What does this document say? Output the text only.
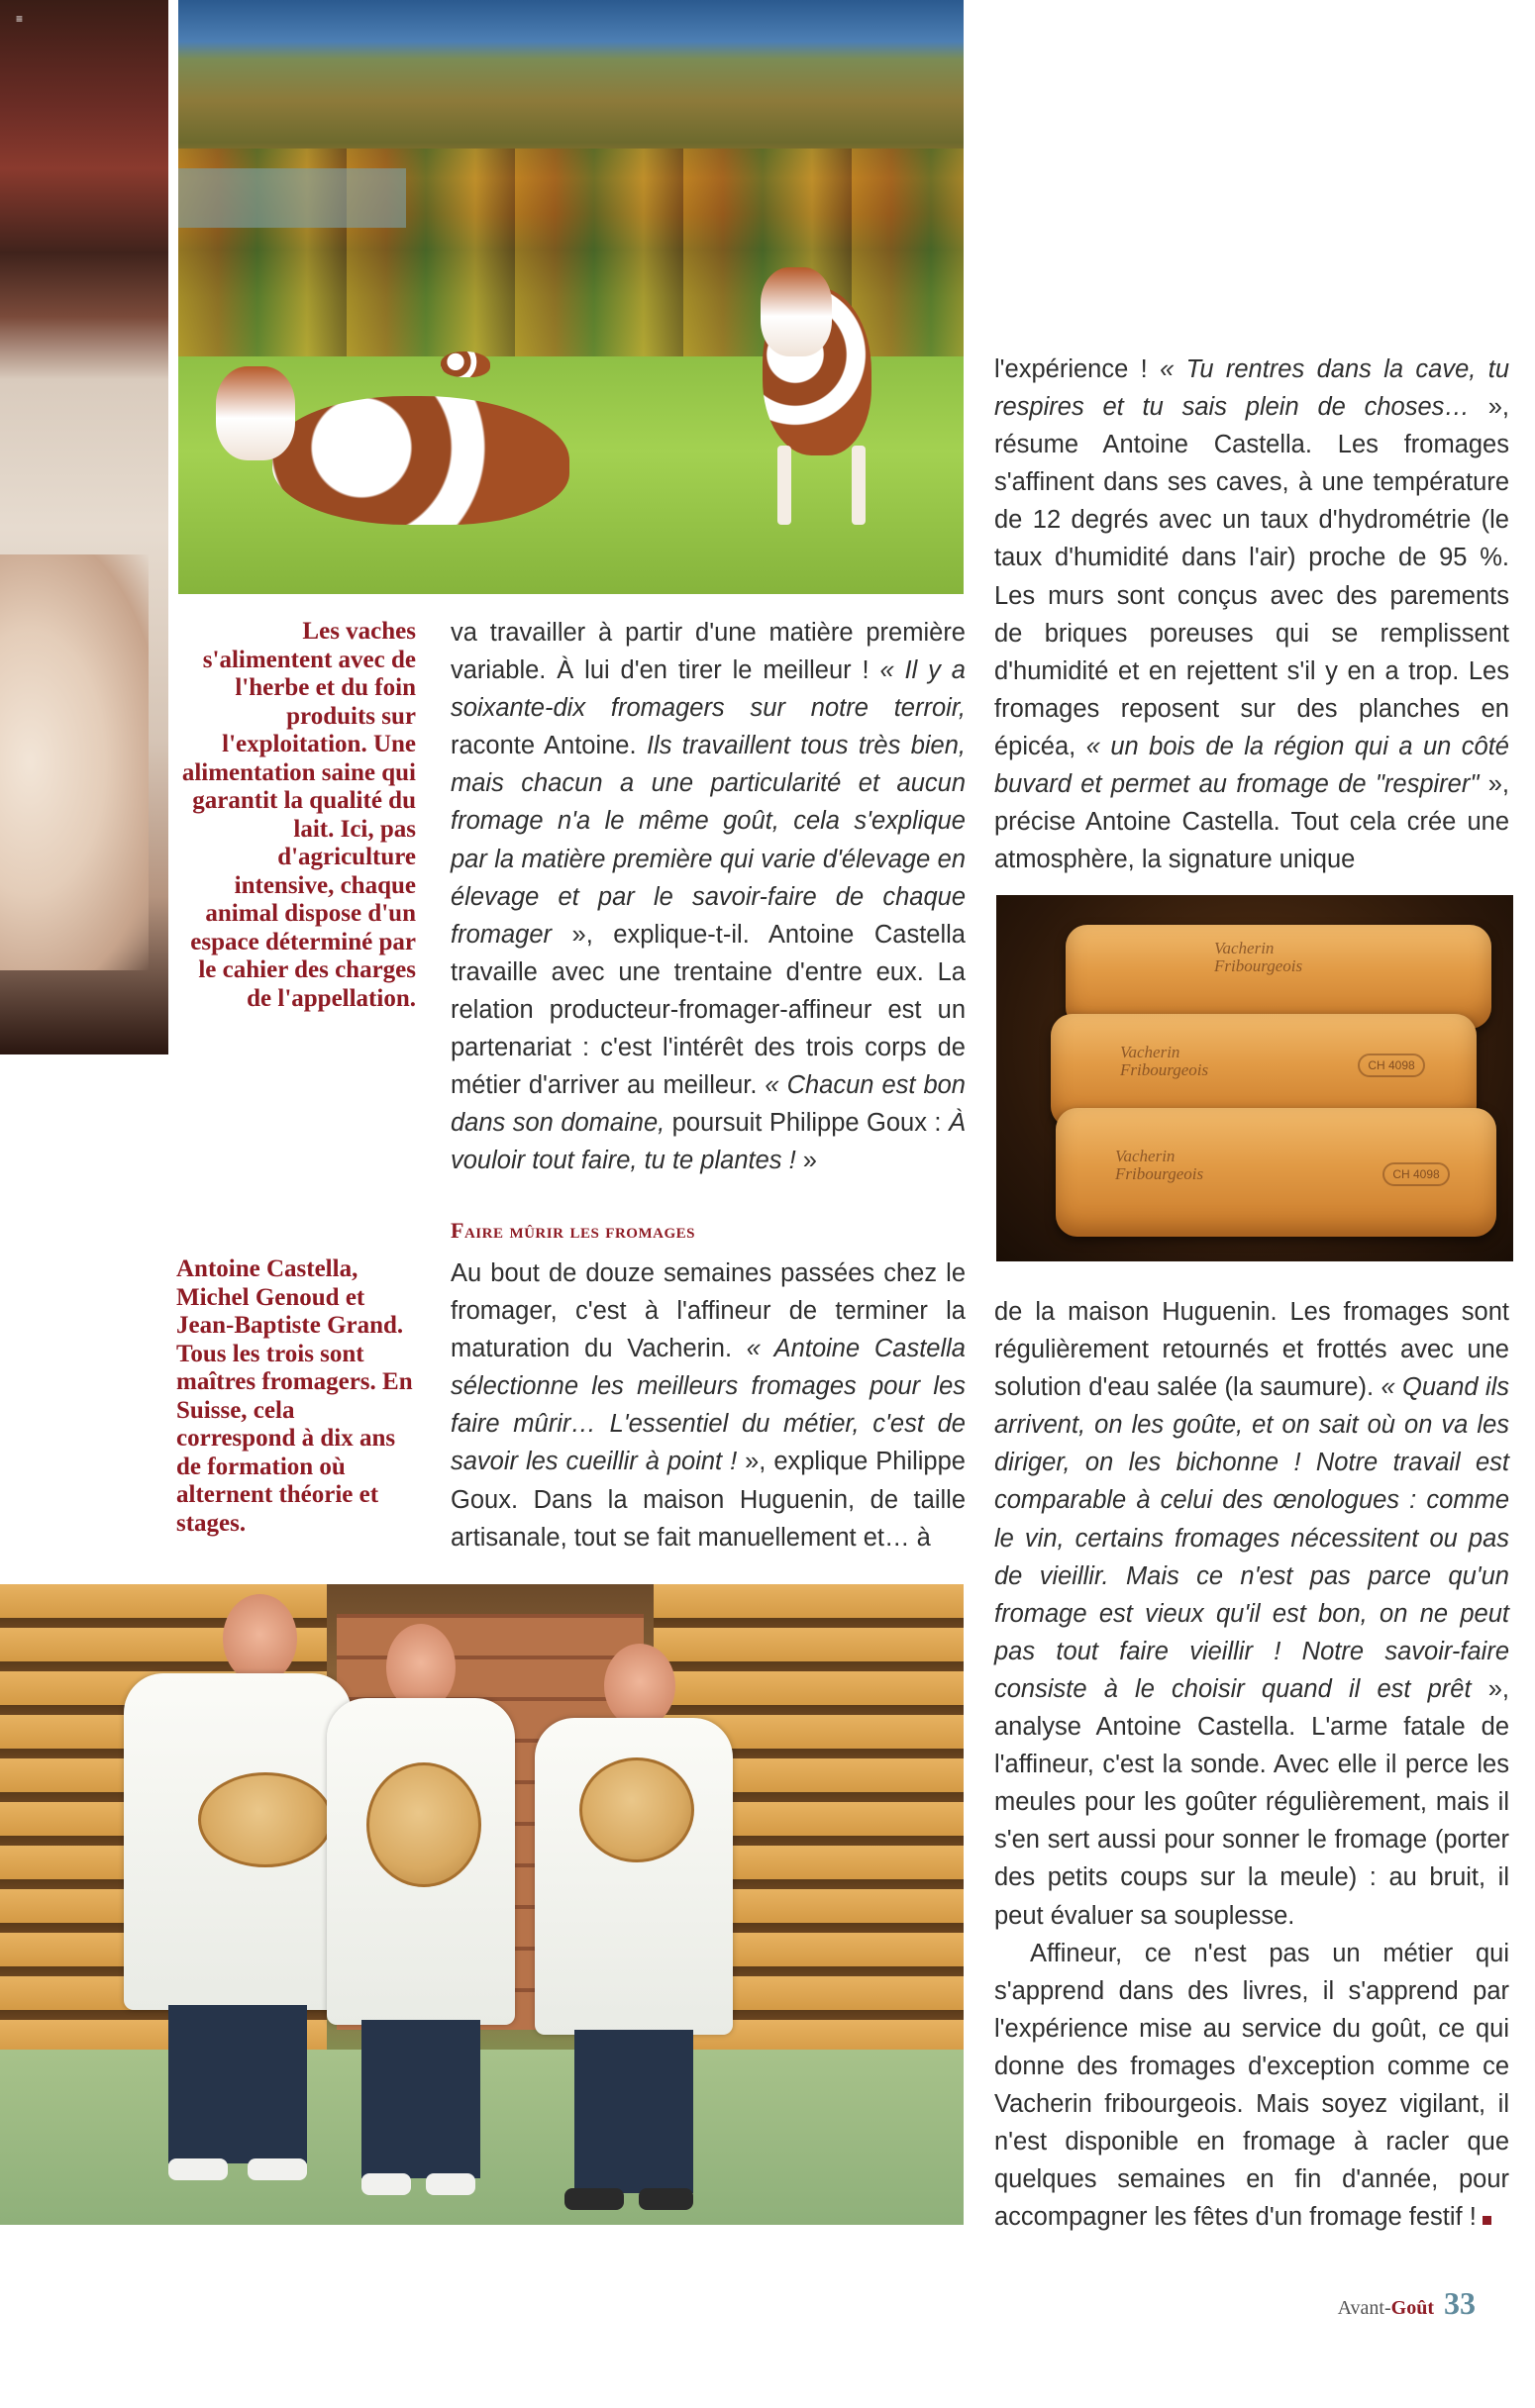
≡
Les vaches s'alimentent avec de l'herbe et du foin produits sur l'exploitation. Une alimentation saine qui garantit la qualité du lait. Ici, pas d'agriculture intensive, chaque animal dispose d'un espace déterminé par le cahier des charges de l'appellation.

va travailler à partir d'une matière première variable. À lui d'en tirer le meilleur ! « Il y a soixante-dix fromagers sur notre terroir, raconte Antoine. Ils travaillent tous très bien, mais chacun a une particularité et aucun fromage n'a le même goût, cela s'explique par la matière première qui varie d'élevage en élevage et par le savoir-faire de chaque fromager », explique-t-il. Antoine Castella travaille avec une trentaine d'entre eux. La relation producteur-fromager-affineur est un partenariat : c'est l'intérêt des trois corps de métier d'arriver au meilleur. « Chacun est bon dans son domaine, poursuit Philippe Goux : À vouloir tout faire, tu te plantes ! »

Faire mûrir les fromages

Au bout de douze semaines passées chez le fromager, c'est à l'affineur de terminer la maturation du Vacherin. « Antoine Castella sélectionne les meilleurs fromages pour les faire mûrir… L'essentiel du métier, c'est de savoir les cueillir à point ! », explique Philippe Goux. Dans la maison Huguenin, de taille artisanale, tout se fait manuellement et… à

Antoine Castella, Michel Genoud et Jean-Baptiste Grand. Tous les trois sont maîtres fromagers. En Suisse, cela correspond à dix ans de formation où alternent théorie et stages.

l'expérience ! « Tu rentres dans la cave, tu respires et tu sais plein de choses… », résume Antoine Castella. Les fromages s'affinent dans ses caves, à une température de 12 degrés avec un taux d'hydrométrie (le taux d'humidité dans l'air) proche de 95 %. Les murs sont conçus avec des parements de briques poreuses qui se remplissent d'humidité et en rejettent s'il y en a trop. Les fromages reposent sur des planches en épicéa, « un bois de la région qui a un côté buvard et permet au fromage de "respirer" », précise Antoine Castella. Tout cela crée une atmosphère, la signature unique

Vacherin
Fribourgeois
Vacherin
Fribourgeois	CH 4098
Vacherin
Fribourgeois	CH 4098

de la maison Huguenin. Les fromages sont régulièrement retournés et frottés avec une solution d'eau salée (la saumure). « Quand ils arrivent, on les goûte, et on sait où on va les diriger, on les bichonne ! Notre travail est comparable à celui des œnologues : comme le vin, certains fromages nécessitent ou pas de vieillir. Mais ce n'est pas parce qu'un fromage est vieux qu'il est bon, on ne peut pas tout faire vieillir ! Notre savoir-faire consiste à le choisir quand il est prêt », analyse Antoine Castella. L'arme fatale de l'affineur, c'est la sonde. Avec elle il perce les meules pour les goûter régulièrement, mais il s'en sert aussi pour sonner le fromage (porter des petits coups sur la meule) : au bruit, il peut évaluer sa souplesse.

Affineur, ce n'est pas un métier qui s'apprend dans des livres, il s'apprend par l'expérience mise au service du goût, ce qui donne des fromages d'exception comme ce Vacherin fribourgeois. Mais soyez vigilant, il n'est disponible en fromage à racler que quelques semaines en fin d'année, pour accompagner les fêtes d'un fromage festif !

Avant-Goût 33
